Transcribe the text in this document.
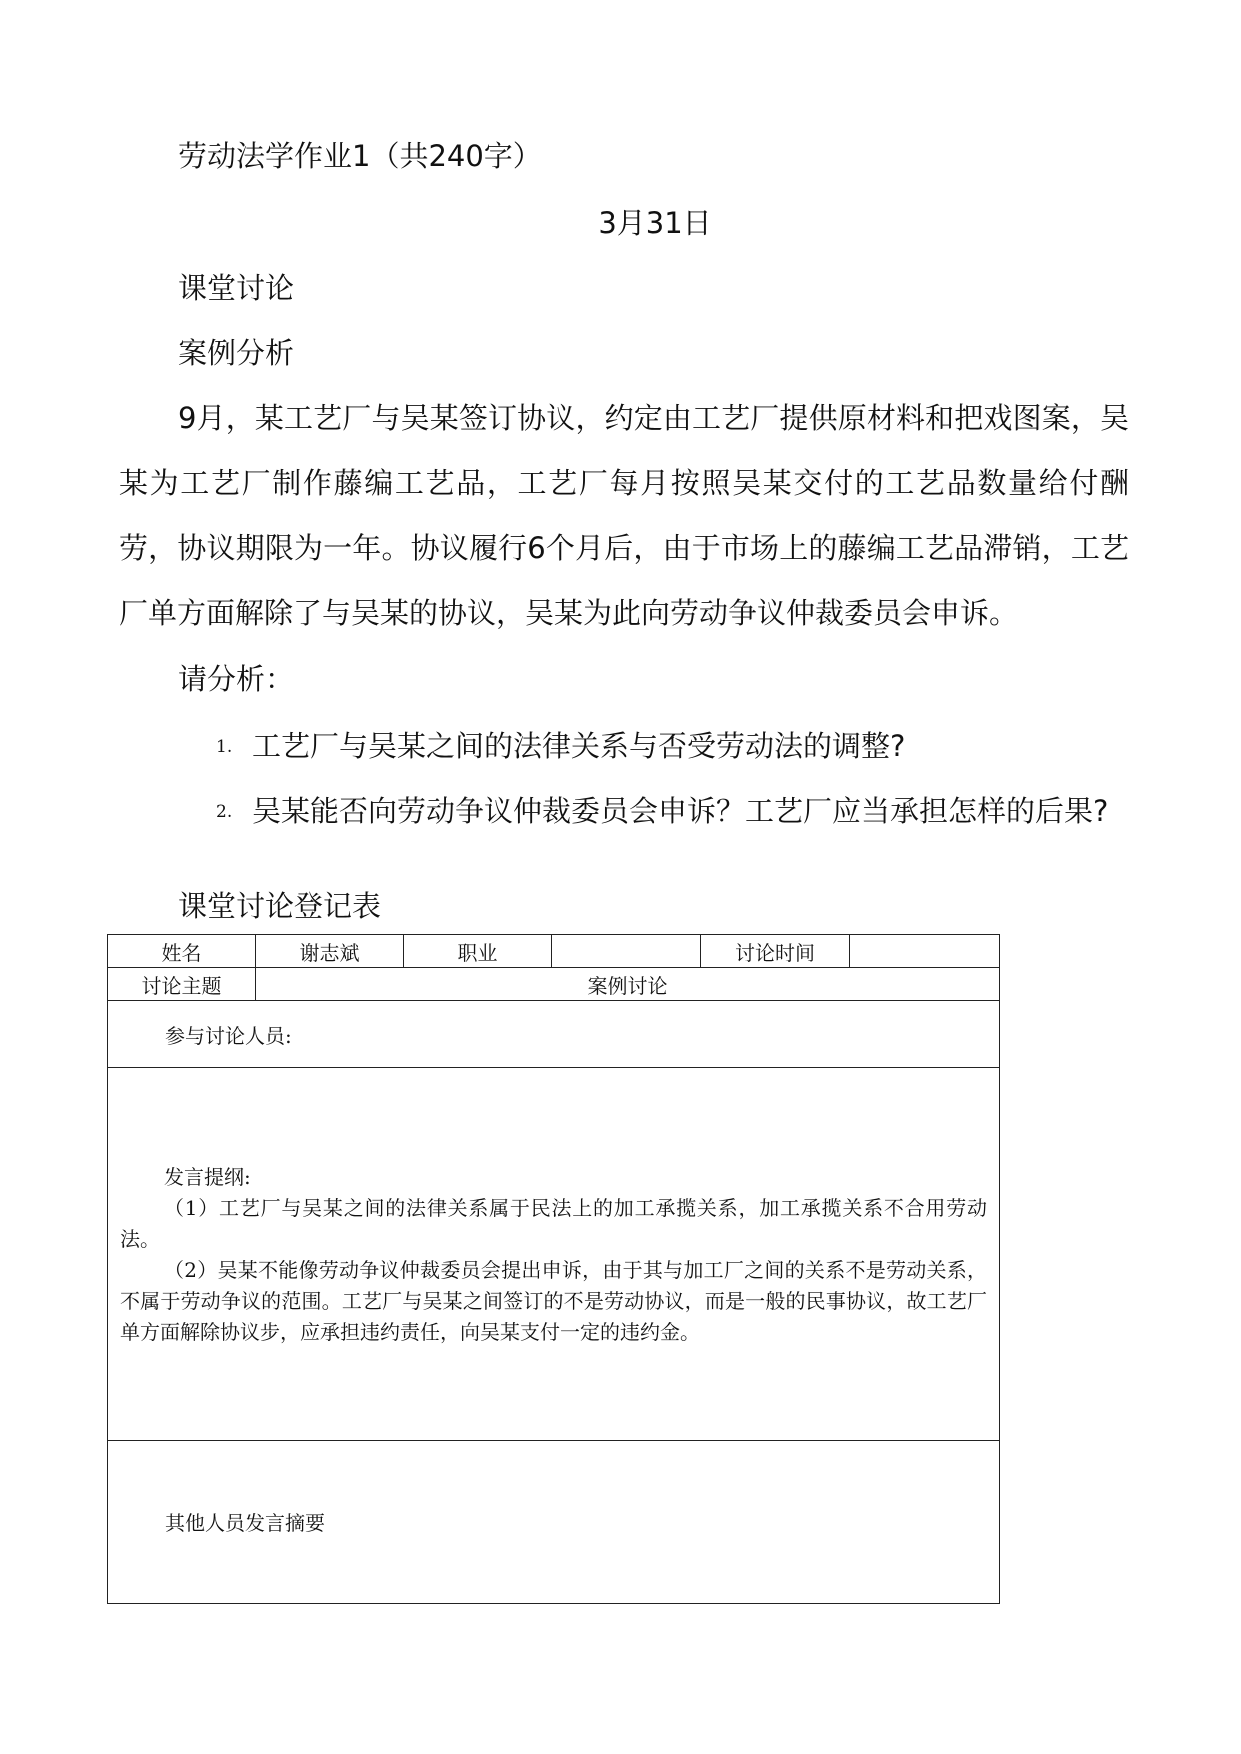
劳动法学作业1（共240字）
3月31日
课堂讨论
案例分析
9月，某工艺厂与吴某签订协议，约定由工艺厂提供原材料和把戏图案，吴某为工艺厂制作藤编工艺品，工艺厂每月按照吴某交付的工艺品数量给付酬劳，协议期限为一年。协议履行6个月后，由于市场上的藤编工艺品滞销，工艺厂单方面解除了与吴某的协议，吴某为此向劳动争议仲裁委员会申诉。
请分析：
1. 工艺厂与吴某之间的法律关系与否受劳动法的调整?
2. 吴某能否向劳动争议仲裁委员会申诉？工艺厂应当承担怎样的后果?
课堂讨论登记表
姓名	谢志斌	职业		讨论时间	
讨论主题	案例讨论				

参与讨论人员:					

发言提纲:
（1）工艺厂与吴某之间的法律关系属于民法上的加工承揽关系，加工承揽关系不合用劳动法。
（2）吴某不能像劳动争议仲裁委员会提出申诉，由于其与加工厂之间的关系不是劳动关系，不属于劳动争议的范围。工艺厂与吴某之间签订的不是劳动协议，而是一般的民事协议，故工艺厂单方面解除协议步，应承担违约责任，向吴某支付一定的违约金。					

其他人员发言摘要					
